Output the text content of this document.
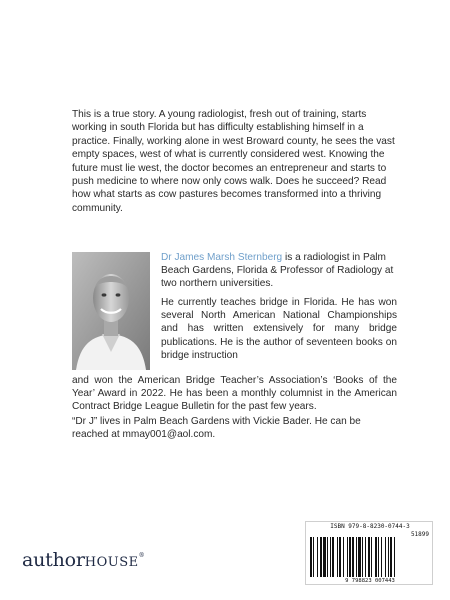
This is a true story. A young radiologist, fresh out of training, starts working in south Florida but has difficulty establishing himself in a practice. Finally, working alone in west Broward county, he sees the vast empty spaces, west of what is currently considered west. Knowing the future must lie west, the doctor becomes an entrepreneur and starts to push medicine to where now only cows walk. Does he succeed? Read how what starts as cow pastures becomes transformed into a thriving community.
Dr James Marsh Sternberg is a radiologist in Palm Beach Gardens, Florida & Professor of Radiology at two northern universities.
He currently teaches bridge in Florida. He has won several North American National Championships and has written extensively for many bridge publications. He is the author of seventeen books on bridge instruction
and won the American Bridge Teacher’s Association’s ‘Books of the Year’ Award in 2022. He has been a monthly columnist in the American Contract Bridge League Bulletin for the past few years.
“Dr J” lives in Palm Beach Gardens with Vickie Bader. He can be reached at mmay001@aol.com.
authorHOUSE®
ISBN 979-8-8230-0744-3
51899
9 798823 007443
